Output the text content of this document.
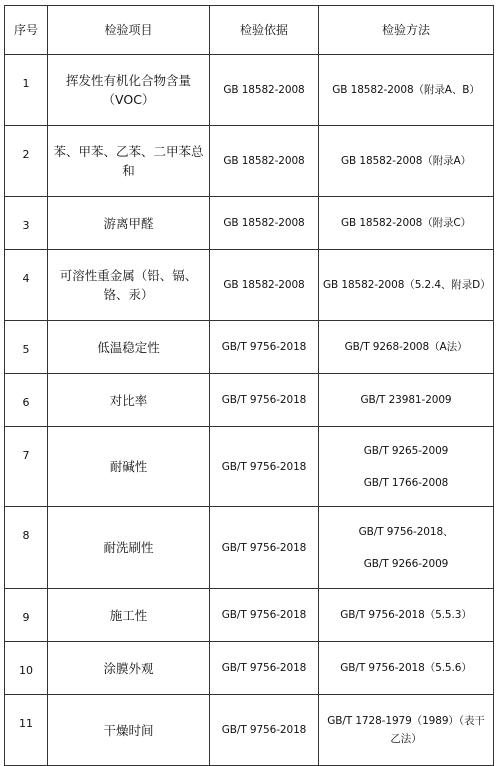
序号	检验项目	检验依据	检验方法
1	挥发性有机化合物含量（VOC）	GB 18582-2008	GB 18582-2008（附录A、B）

2	苯、甲苯、乙苯、二甲苯总和	GB 18582-2008	GB 18582-2008（附录A）

3	游离甲醛	GB 18582-2008	GB 18582-2008（附录C）

4	可溶性重金属（铅、镉、铬、汞）	GB 18582-2008	GB 18582-2008（5.2.4、附录D）

5	低温稳定性	GB/T 9756-2018	GB/T 9268-2008（A法）

6	对比率	GB/T 9756-2018	GB/T 23981-2009

7	耐碱性	GB/T 9756-2018	GB/T 9265-2009
GB/T 1766-2008

8	耐洗刷性	GB/T 9756-2018	GB/T 9756-2018、
GB/T 9266-2009

9	施工性	GB/T 9756-2018	GB/T 9756-2018（5.5.3）

10	涂膜外观	GB/T 9756-2018	GB/T 9756-2018（5.5.6）

11	干燥时间	GB/T 9756-2018	GB/T 1728-1979（1989）（表干乙法）
